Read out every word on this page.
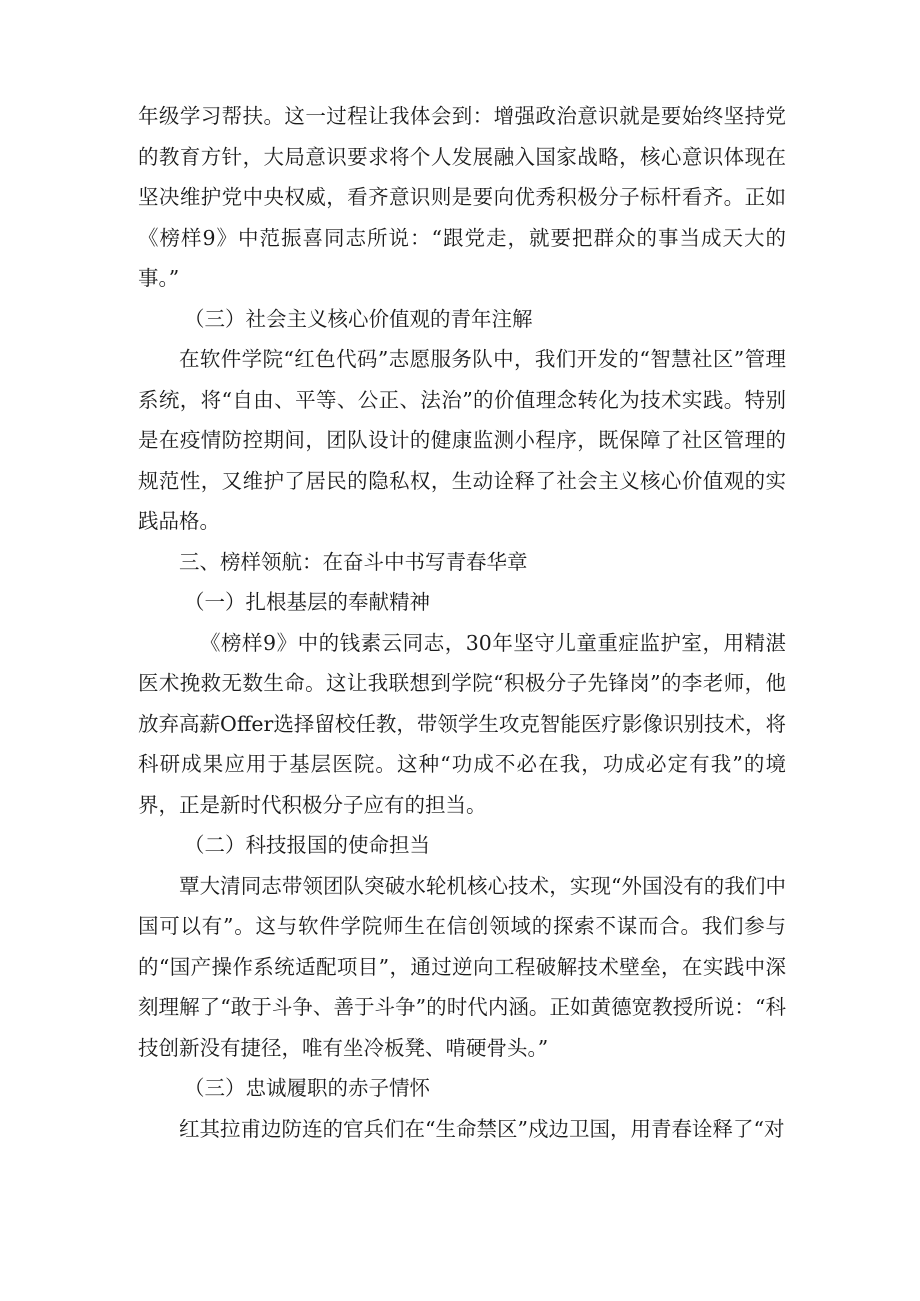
年级学习帮扶。这一过程让我体会到：增强政治意识就是要始终坚持党的教育方针，大局意识要求将个人发展融入国家战略，核心意识体现在坚决维护党中央权威，看齐意识则是要向优秀积极分子标杆看齐。正如《榜样9》中范振喜同志所说：“跟党走，就要把群众的事当成天大的事。”

（三）社会主义核心价值观的青年注解

在软件学院“红色代码”志愿服务队中，我们开发的“智慧社区”管理系统，将“自由、平等、公正、法治”的价值理念转化为技术实践。特别是在疫情防控期间，团队设计的健康监测小程序，既保障了社区管理的规范性，又维护了居民的隐私权，生动诠释了社会主义核心价值观的实践品格。

三、榜样领航：在奋斗中书写青春华章

（一）扎根基层的奉献精神

《榜样9》中的钱素云同志，30年坚守儿童重症监护室，用精湛医术挽救无数生命。这让我联想到学院“积极分子先锋岗”的李老师，他放弃高薪Offer选择留校任教，带领学生攻克智能医疗影像识别技术，将科研成果应用于基层医院。这种“功成不必在我，功成必定有我”的境界，正是新时代积极分子应有的担当。

（二）科技报国的使命担当

覃大清同志带领团队突破水轮机核心技术，实现“外国没有的我们中国可以有”。这与软件学院师生在信创领域的探索不谋而合。我们参与的“国产操作系统适配项目”，通过逆向工程破解技术壁垒，在实践中深刻理解了“敢于斗争、善于斗争”的时代内涵。正如黄德宽教授所说：“科技创新没有捷径，唯有坐冷板凳、啃硬骨头。”

（三）忠诚履职的赤子情怀

红其拉甫边防连的官兵们在“生命禁区”戍边卫国，用青春诠释了“对
